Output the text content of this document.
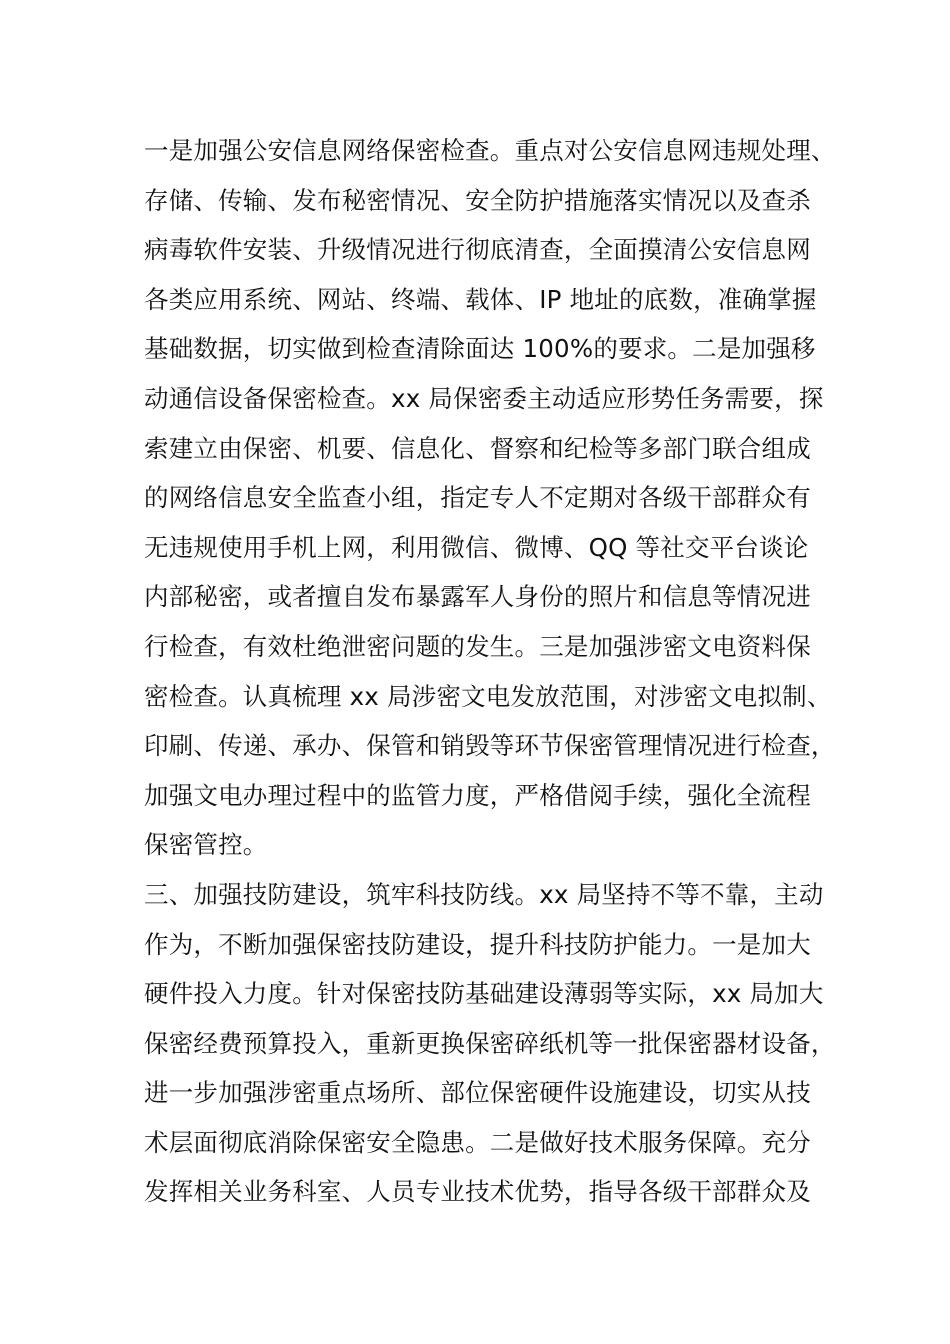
一是加强公安信息网络保密检查。重点对公安信息网违规处理、
存储、传输、发布秘密情况、安全防护措施落实情况以及查杀
病毒软件安装、升级情况进行彻底清查，全面摸清公安信息网
各类应用系统、网站、终端、载体、IP 地址的底数，准确掌握
基础数据，切实做到检查清除面达 100%的要求。二是加强移
动通信设备保密检查。xx 局保密委主动适应形势任务需要，探
索建立由保密、机要、信息化、督察和纪检等多部门联合组成
的网络信息安全监查小组，指定专人不定期对各级干部群众有
无违规使用手机上网，利用微信、微博、QQ 等社交平台谈论
内部秘密，或者擅自发布暴露军人身份的照片和信息等情况进
行检查，有效杜绝泄密问题的发生。三是加强涉密文电资料保
密检查。认真梳理 xx 局涉密文电发放范围，对涉密文电拟制、
印刷、传递、承办、保管和销毁等环节保密管理情况进行检查，
加强文电办理过程中的监管力度，严格借阅手续，强化全流程
保密管控。
三、加强技防建设，筑牢科技防线。xx 局坚持不等不靠，主动
作为，不断加强保密技防建设，提升科技防护能力。一是加大
硬件投入力度。针对保密技防基础建设薄弱等实际，xx 局加大
保密经费预算投入，重新更换保密碎纸机等一批保密器材设备，
进一步加强涉密重点场所、部位保密硬件设施建设，切实从技
术层面彻底消除保密安全隐患。二是做好技术服务保障。充分
发挥相关业务科室、人员专业技术优势，指导各级干部群众及
